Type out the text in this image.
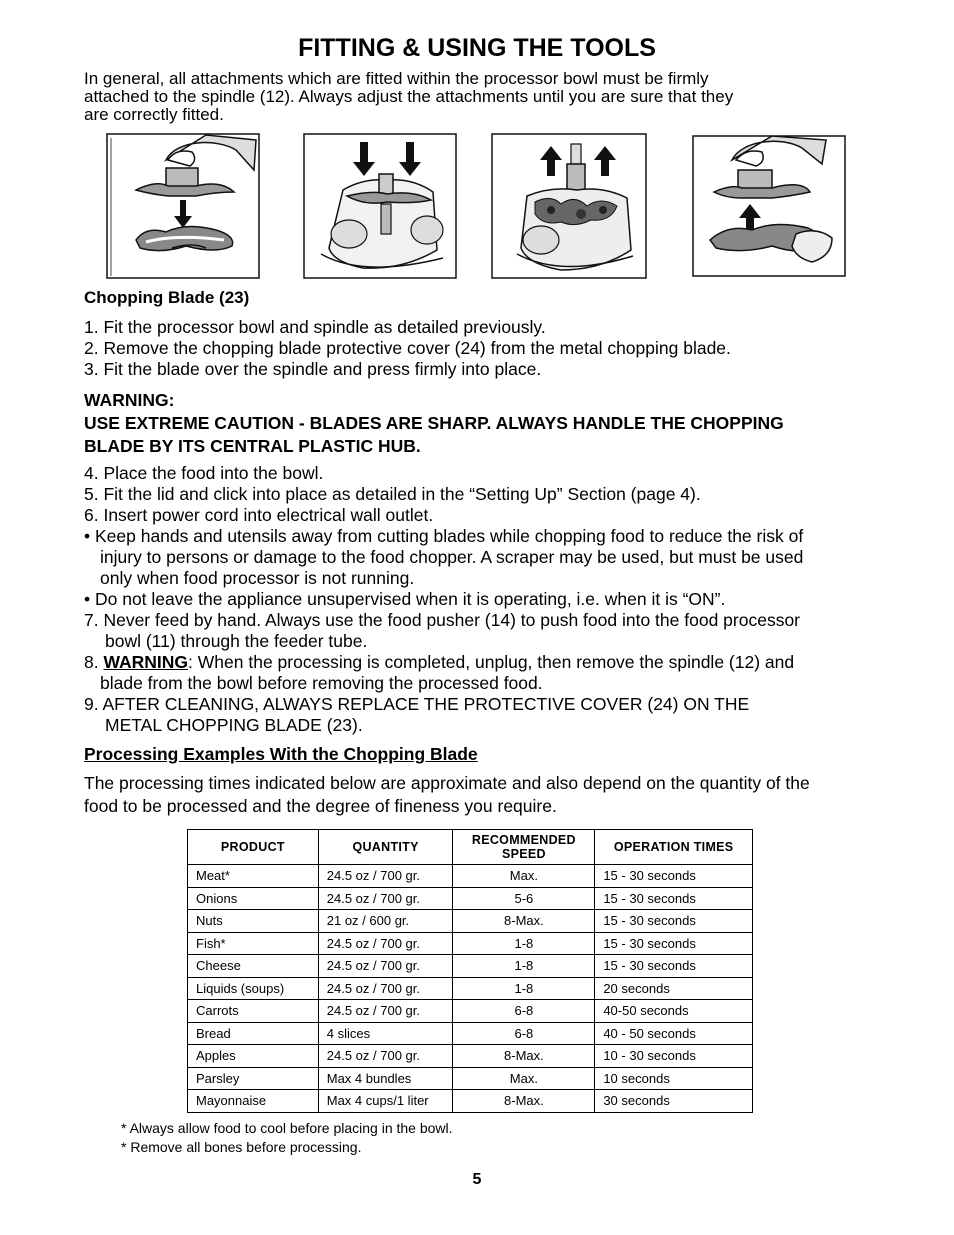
FITTING & USING THE TOOLS
In general, all attachments which are fitted within the processor bowl must be firmly
attached to the spindle (12). Always adjust the attachments until you are sure that they
are correctly fitted.
Chopping Blade (23)
1. Fit the processor bowl and spindle as detailed previously.
2. Remove the chopping blade protective cover (24) from the metal chopping blade.
3. Fit the blade over the spindle and press firmly into place.
WARNING:
USE EXTREME CAUTION - BLADES ARE SHARP. ALWAYS HANDLE THE CHOPPING
BLADE BY ITS CENTRAL PLASTIC HUB.
4. Place the food into the bowl.
5. Fit the lid and click into place as detailed in the “Setting Up” Section (page 4).
6. Insert power cord into electrical wall outlet.
• Keep hands and utensils away from cutting blades while chopping food to reduce the risk of
injury to persons or damage to the food chopper. A scraper may be used, but must be used
only when food processor is not running.
• Do not leave the appliance unsupervised when it is operating, i.e. when it is “ON”.
7. Never feed by hand. Always use the food pusher (14) to push food into the food processor
bowl (11) through the feeder tube.
8. WARNING: When the processing is completed, unplug, then remove the spindle (12) and
blade from the bowl before removing the processed food.
9. AFTER CLEANING, ALWAYS REPLACE THE PROTECTIVE COVER (24) ON THE
METAL CHOPPING BLADE (23).
Processing Examples With the Chopping Blade
The processing times indicated below are approximate and also depend on the quantity of the
food to be processed and the degree of fineness you require.
PRODUCT	QUANTITY	RECOMMENDED SPEED	OPERATION TIMES
Meat*	24.5 oz / 700 gr.	Max.	15 - 30 seconds
Onions	24.5 oz / 700 gr.	5-6	15 - 30 seconds
Nuts	21 oz / 600 gr.	8-Max.	15 - 30 seconds
Fish*	24.5 oz / 700 gr.	1-8	15 - 30 seconds
Cheese	24.5 oz / 700 gr.	1-8	15 - 30 seconds
Liquids (soups)	24.5 oz / 700 gr.	1-8	20 seconds
Carrots	24.5 oz / 700 gr.	6-8	40-50 seconds
Bread	4 slices	6-8	40 - 50 seconds
Apples	24.5 oz / 700 gr.	8-Max.	10 - 30 seconds
Parsley	Max 4 bundles	Max.	10 seconds
Mayonnaise	Max 4 cups/1 liter	8-Max.	30 seconds
* Always allow food to cool before placing in the bowl.
* Remove all bones before processing.
5
